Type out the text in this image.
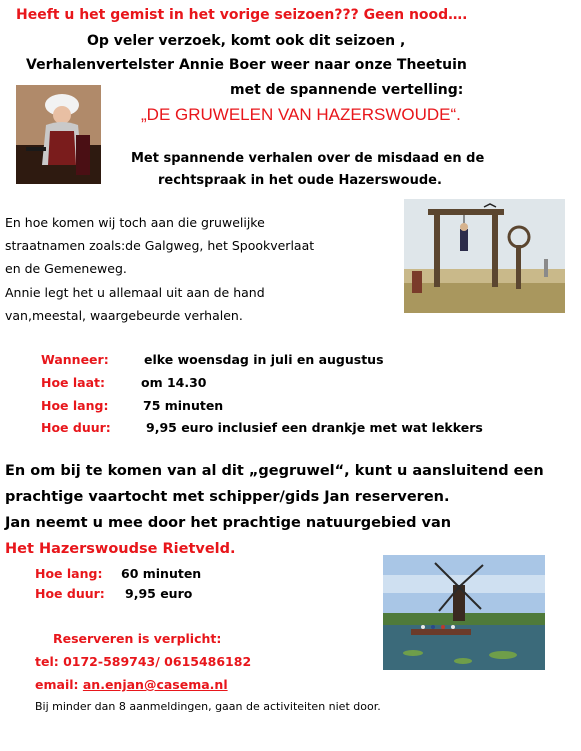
Heeft u het gemist in het vorige seizoen??? Geen nood….
Op veler verzoek, komt ook dit seizoen ,
Verhalenvertelster Annie Boer weer naar onze Theetuin
met de spannende vertelling:
„DE GRUWELEN VAN HAZERSWOUDE“.
Met spannende verhalen over de misdaad en de
rechtspraak in het oude Hazerswoude.
En hoe komen wij toch aan die gruwelijke
straatnamen zoals:de Galgweg, het Spookverlaat
en de Gemeneweg.
Annie legt het u allemaal uit aan de hand
van,meestal, waargebeurde verhalen.
Wanneer:	elke woensdag in juli en augustus
Hoe laat:	om 14.30
Hoe lang:	75 minuten
Hoe duur:	9,95 euro inclusief een drankje met wat lekkers
En om bij te komen van al dit „gegruwel“, kunt u aansluitend een
prachtige vaartocht met schipper/gids Jan reserveren.
Jan neemt u mee door het prachtige natuurgebied van
Het Hazerswoudse Rietveld.
Hoe lang: 60 minuten
Hoe duur: 9,95 euro
Reserveren is verplicht:
tel: 0172-589743/ 0615486182
email: an.enjan@casema.nl
Bij minder dan 8 aanmeldingen, gaan de activiteiten niet door.
